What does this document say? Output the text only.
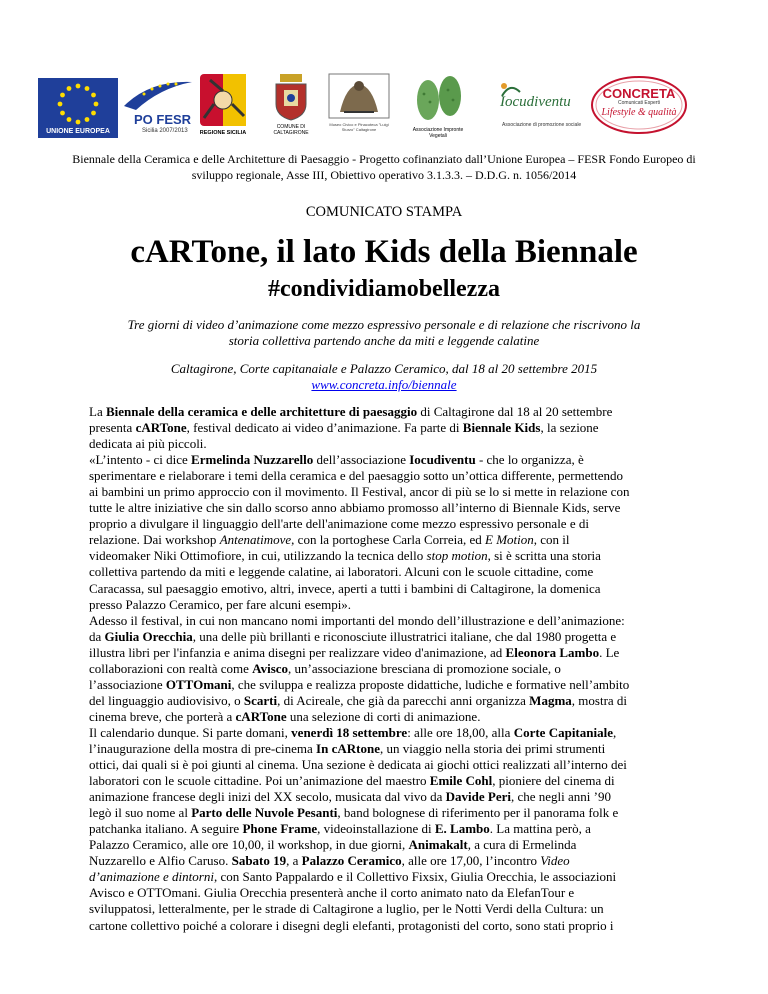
UNIONE EUROPEA
PO FESR
Sicilia 2007/2013	REGIONE SICILIA
COMUNE DI CALTAGIRONE
Museo Civico e Pinacoteca "Luigi Sturzo" Caltagirone	Associazione Impronte Vegetali
Iocudiventu
Associazione di promozione sociale
CONCRETA
Comunicati Esperti
Lifestyle & qualità
Biennale della Ceramica e delle Architetture di Paesaggio - Progetto cofinanziato dall’Unione Europea – FESR Fondo Europeo di
sviluppo regionale, Asse III, Obiettivo operativo 3.1.3.3. – D.D.G. n. 1056/2014
COMUNICATO STAMPA
cARTone, il lato Kids della Biennale
#condividiamobellezza
Tre giorni di video d’animazione come mezzo espressivo personale e di relazione che riscrivono la
storia collettiva partendo anche da miti e leggende calatine
Caltagirone, Corte capitanaiale e Palazzo Ceramico, dal 18 al 20 settembre 2015
www.concreta.info/biennale
La Biennale della ceramica e delle architetture di paesaggio di Caltagirone dal 18 al 20 settembre
presenta cARTone, festival dedicato ai video d’animazione. Fa parte di Biennale Kids, la sezione
dedicata ai più piccoli.
«L’intento - ci dice Ermelinda Nuzzarello dell’associazione Iocudiventu - che lo organizza, è
sperimentare e rielaborare i temi della ceramica e del paesaggio sotto un’ottica differente, permettendo
ai bambini un primo approccio con il movimento. Il Festival, ancor di più se lo si mette in relazione con
tutte le altre iniziative che sin dallo scorso anno abbiamo promosso all’interno di Biennale Kids, serve
proprio a divulgare il linguaggio dell'arte dell'animazione come mezzo espressivo personale e di
relazione. Dai workshop Antenatimove, con la portoghese Carla Correia, ed E Motion, con il
videomaker Niki Ottimofiore, in cui, utilizzando la tecnica dello stop motion, si è scritta una storia
collettiva partendo da miti e leggende calatine, ai laboratori. Alcuni con le scuole cittadine, come
Caracassa, sul paesaggio emotivo, altri, invece, aperti a tutti i bambini di Caltagirone, la domenica
presso Palazzo Ceramico, per fare alcuni esempi».
Adesso il festival, in cui non mancano nomi importanti del mondo dell’illustrazione e dell’animazione:
da Giulia Orecchia, una delle più brillanti e riconosciute illustratrici italiane, che dal 1980 progetta e
illustra libri per l'infanzia e anima disegni per realizzare video d'animazione, ad Eleonora Lambo. Le
collaborazioni con realtà come Avisco, un’associazione bresciana di promozione sociale, o
l’associazione OTTOmani, che sviluppa e realizza proposte didattiche, ludiche e formative nell’ambito
del linguaggio audiovisivo, o Scarti, di Acireale, che già da parecchi anni organizza Magma, mostra di
cinema breve, che porterà a cARTone una selezione di corti di animazione.
Il calendario dunque. Si parte domani, venerdì 18 settembre: alle ore 18,00, alla Corte Capitaniale,
l’inaugurazione della mostra di pre-cinema In cARtone, un viaggio nella storia dei primi strumenti
ottici, dai quali si è poi giunti al cinema. Una sezione è dedicata ai giochi ottici realizzati all’interno dei
laboratori con le scuole cittadine. Poi un’animazione del maestro Emile Cohl, pioniere del cinema di
animazione francese degli inizi del XX secolo, musicata dal vivo da Davide Peri, che negli anni ’90
legò il suo nome al Parto delle Nuvole Pesanti, band bolognese di riferimento per il panorama folk e
patchanka italiano. A seguire Phone Frame, videoinstallazione di E. Lambo. La mattina però, a
Palazzo Ceramico, alle ore 10,00, il workshop, in due giorni, Animakalt, a cura di Ermelinda
Nuzzarello e Alfio Caruso. Sabato 19, a Palazzo Ceramico, alle ore 17,00, l’incontro Video
d’animazione e dintorni, con Santo Pappalardo e il Collettivo Fixsix, Giulia Orecchia, le associazioni
Avisco e OTTOmani. Giulia Orecchia presenterà anche il corto animato nato da ElefanTour e
sviluppatosi, letteralmente, per le strade di Caltagirone a luglio, per le Notti Verdi della Cultura: un
cartone collettivo poiché a colorare i disegni degli elefanti, protagonisti del corto, sono stati proprio i
